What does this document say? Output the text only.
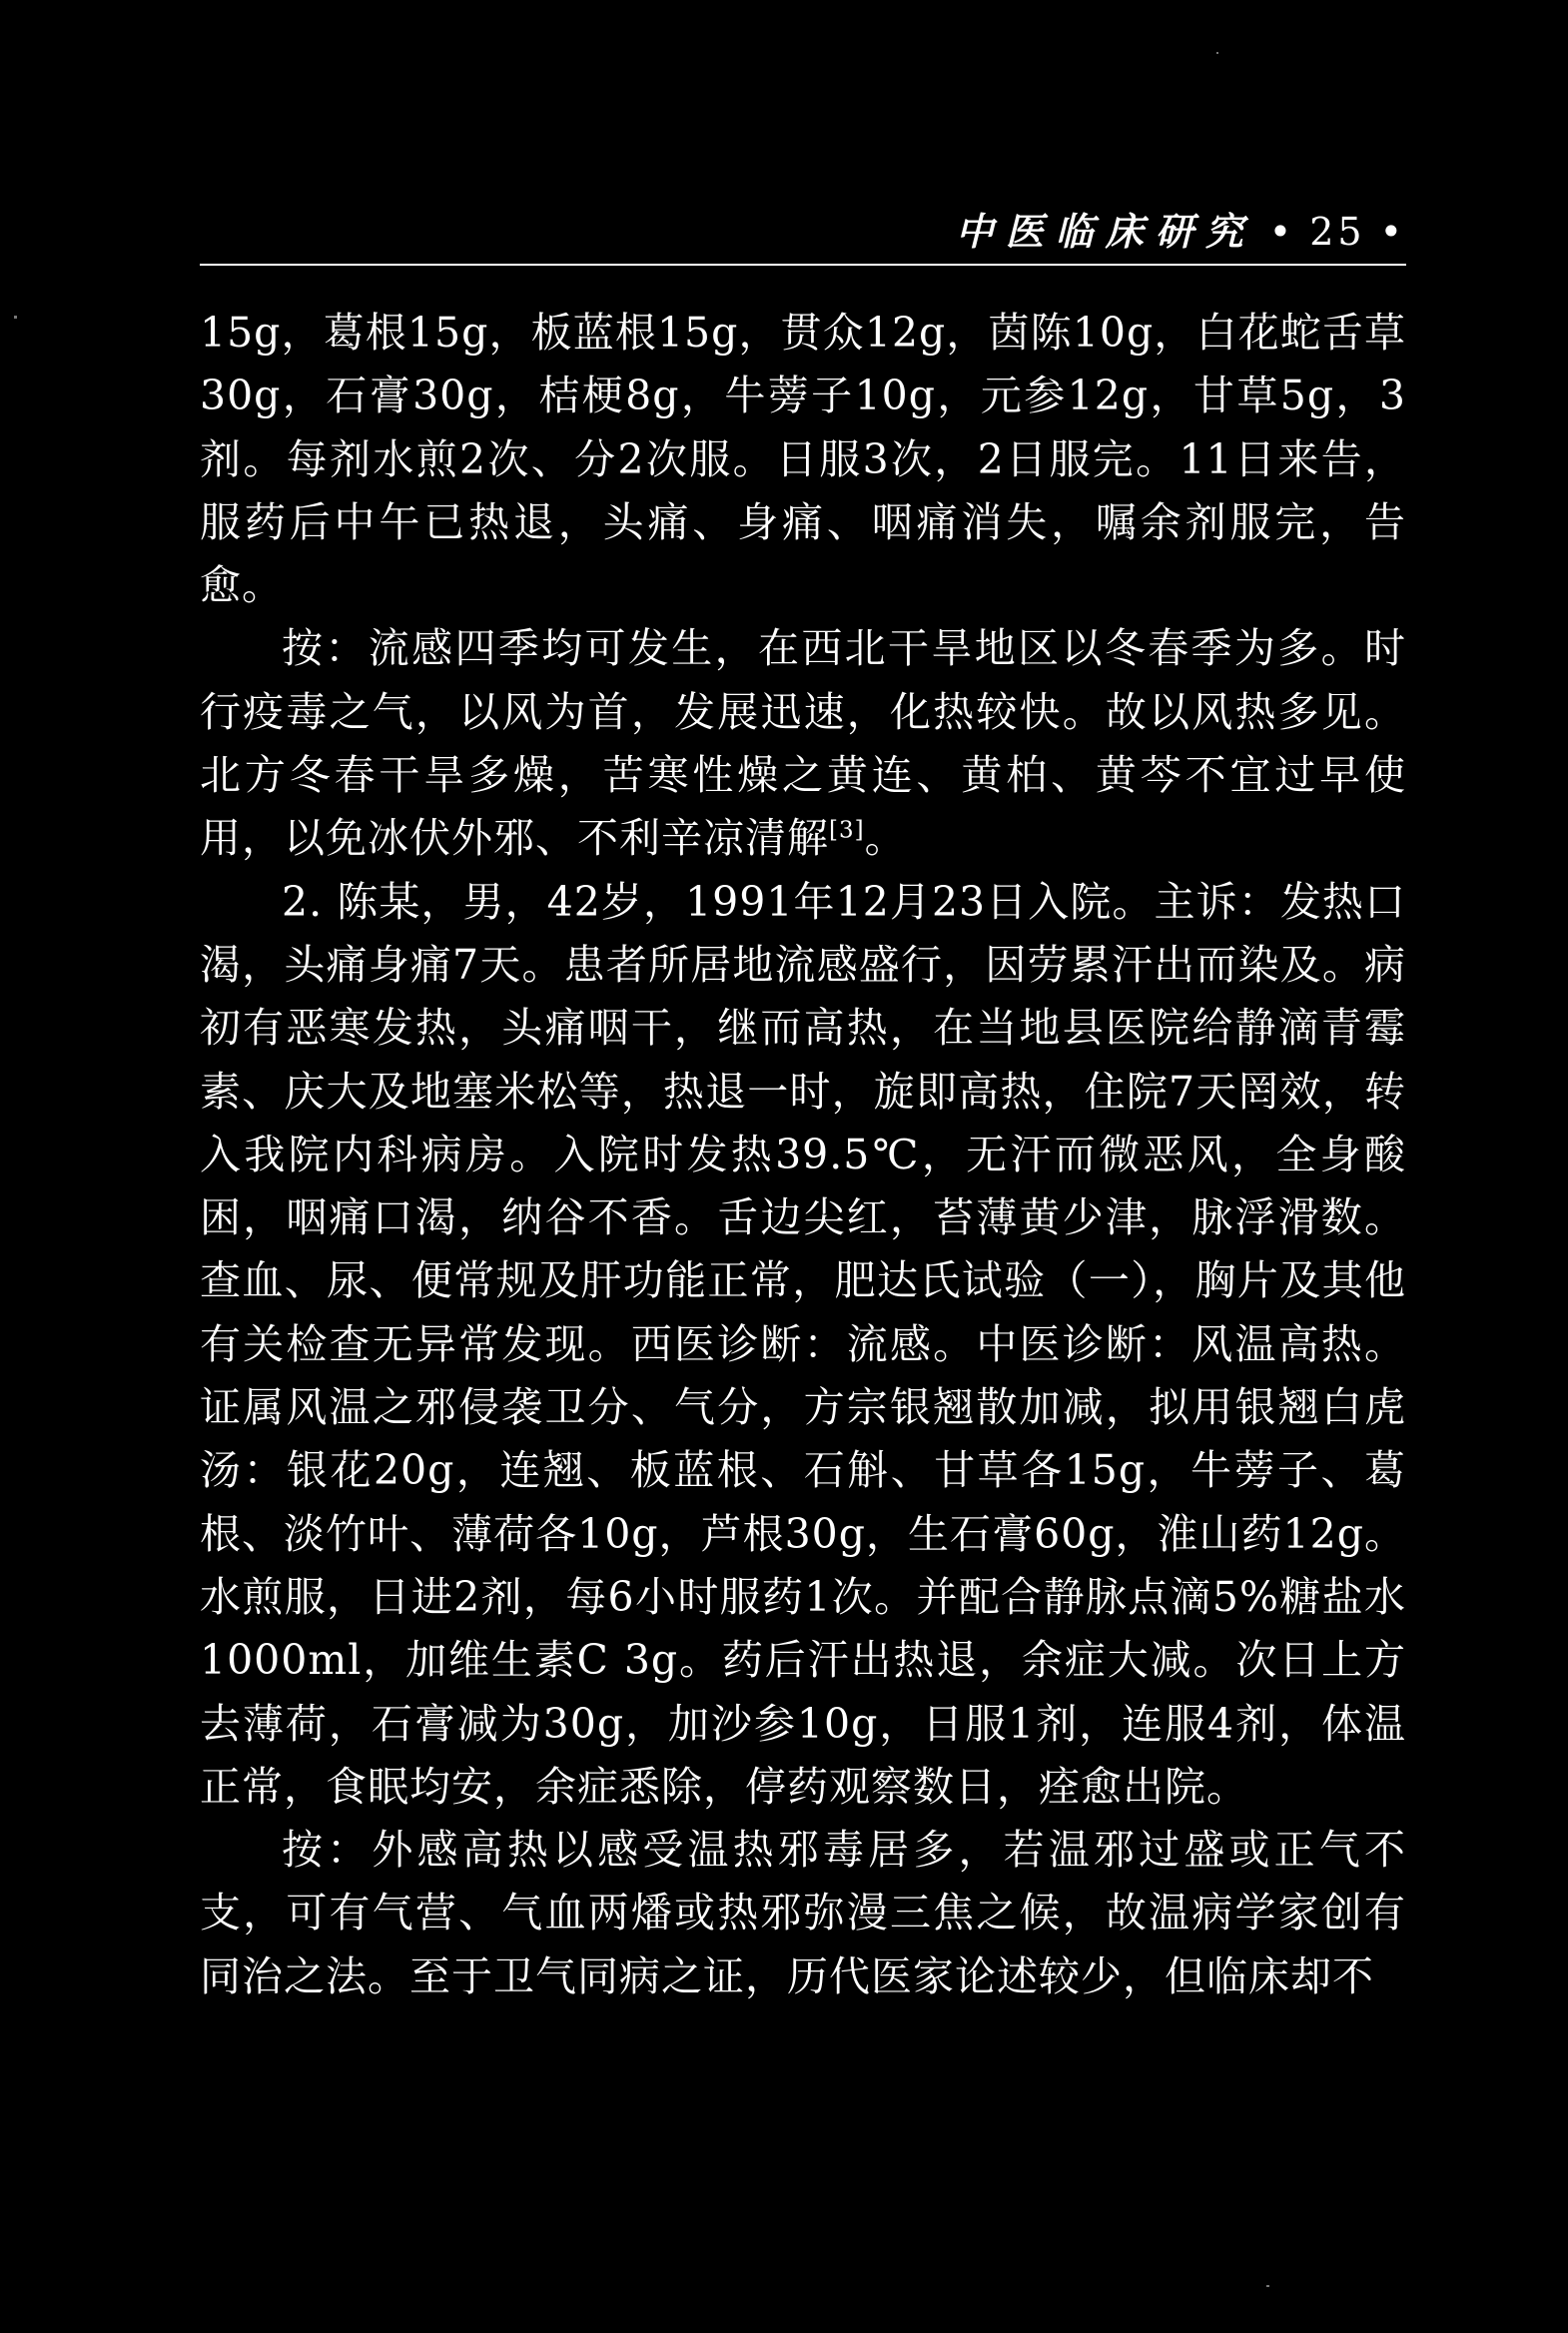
中医临床研究 • 25 •

15g，葛根15g，板蓝根15g，贯众12g，茵陈10g，白花蛇舌草30g，石膏30g，桔梗8g，牛蒡子10g，元参12g，甘草5g，3剂。每剂水煎2次、分2次服。日服3次，2日服完。11日来告，服药后中午已热退，头痛、身痛、咽痛消失，嘱余剂服完，告愈。

按：流感四季均可发生，在西北干旱地区以冬春季为多。时行疫毒之气，以风为首，发展迅速，化热较快。故以风热多见。北方冬春干旱多燥，苦寒性燥之黄连、黄柏、黄芩不宜过早使用，以免冰伏外邪、不利辛凉清解[3]。

2. 陈某，男，42岁，1991年12月23日入院。主诉：发热口渴，头痛身痛7天。患者所居地流感盛行，因劳累汗出而染及。病初有恶寒发热，头痛咽干，继而高热，在当地县医院给静滴青霉素、庆大及地塞米松等，热退一时，旋即高热，住院7天罔效，转入我院内科病房。入院时发热39.5℃，无汗而微恶风，全身酸困，咽痛口渴，纳谷不香。舌边尖红，苔薄黄少津，脉浮滑数。查血、尿、便常规及肝功能正常，肥达氏试验（一），胸片及其他有关检查无异常发现。西医诊断：流感。中医诊断：风温高热。证属风温之邪侵袭卫分、气分，方宗银翘散加减，拟用银翘白虎汤：银花20g，连翘、板蓝根、石斛、甘草各15g，牛蒡子、葛根、淡竹叶、薄荷各10g，芦根30g，生石膏60g，淮山药12g。水煎服，日进2剂，每6小时服药1次。并配合静脉点滴5%糖盐水1000ml，加维生素C 3g。药后汗出热退，余症大减。次日上方去薄荷，石膏减为30g，加沙参10g，日服1剂，连服4剂，体温正常，食眠均安，余症悉除，停药观察数日，痊愈出院。

按：外感高热以感受温热邪毒居多，若温邪过盛或正气不支，可有气营、气血两燔或热邪弥漫三焦之候，故温病学家创有同治之法。至于卫气同病之证，历代医家论述较少，但临床却不
